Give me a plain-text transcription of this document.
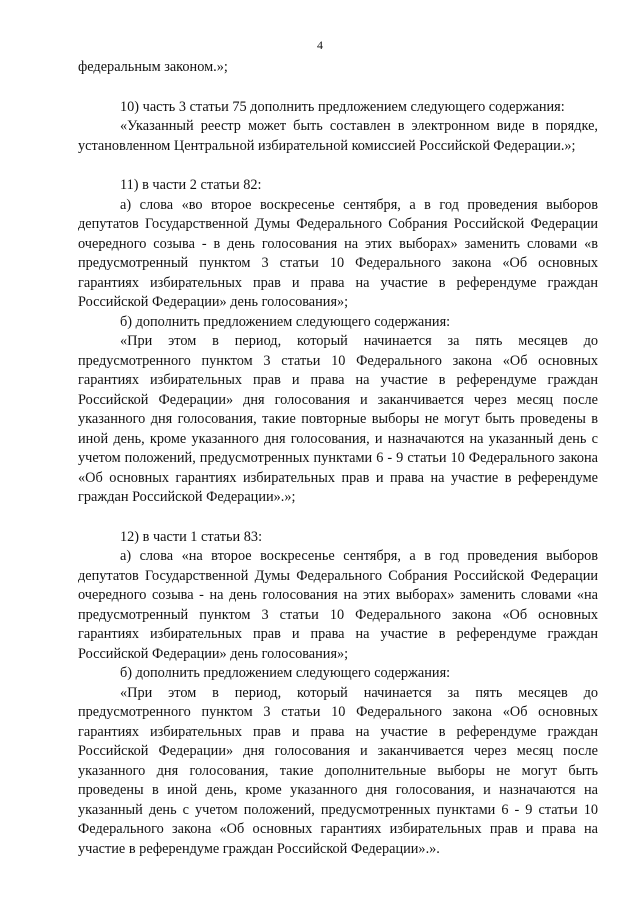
4

федеральным законом.»;

10) часть 3 статьи 75 дополнить предложением следующего содержания:

«Указанный реестр может быть составлен в электронном виде в порядке, установленном Центральной избирательной комиссией Российской Федерации.»;

11) в части 2 статьи 82:

а) слова «во второе воскресенье сентября, а в год проведения выборов депутатов Государственной Думы Федерального Собрания Российской Федерации очередного созыва - в день голосования на этих выборах» заменить словами «в предусмотренный пунктом 3 статьи 10 Федерального закона «Об основных гарантиях избирательных прав и права на участие в референдуме граждан Российской Федерации» день голосования»;

б) дополнить предложением следующего содержания:

«При этом в период, который начинается за пять месяцев до предусмотренного пунктом 3 статьи 10 Федерального закона «Об основных гарантиях избирательных прав и права на участие в референдуме граждан Российской Федерации» дня голосования и заканчивается через месяц после указанного дня голосования, такие повторные выборы не могут быть проведены в иной день, кроме указанного дня голосования, и назначаются на указанный день с учетом положений, предусмотренных пунктами 6 - 9 статьи 10 Федерального закона «Об основных гарантиях избирательных прав и права на участие в референдуме граждан Российской Федерации».»;

12) в части 1 статьи 83:

а) слова «на второе воскресенье сентября, а в год проведения выборов депутатов Государственной Думы Федерального Собрания Российской Федерации очередного созыва - на день голосования на этих выборах» заменить словами «на предусмотренный пунктом 3 статьи 10 Федерального закона «Об основных гарантиях избирательных прав и права на участие в референдуме граждан Российской Федерации» день голосования»;

б) дополнить предложением следующего содержания:

«При этом в период, который начинается за пять месяцев до предусмотренного пунктом 3 статьи 10 Федерального закона «Об основных гарантиях избирательных прав и права на участие в референдуме граждан Российской Федерации» дня голосования и заканчивается через месяц после указанного дня голосования, такие дополнительные выборы не могут быть проведены в иной день, кроме указанного дня голосования, и назначаются на указанный день с учетом положений, предусмотренных пунктами 6 - 9 статьи 10 Федерального закона «Об основных гарантиях избирательных прав и права на участие в референдуме граждан Российской Федерации».».
